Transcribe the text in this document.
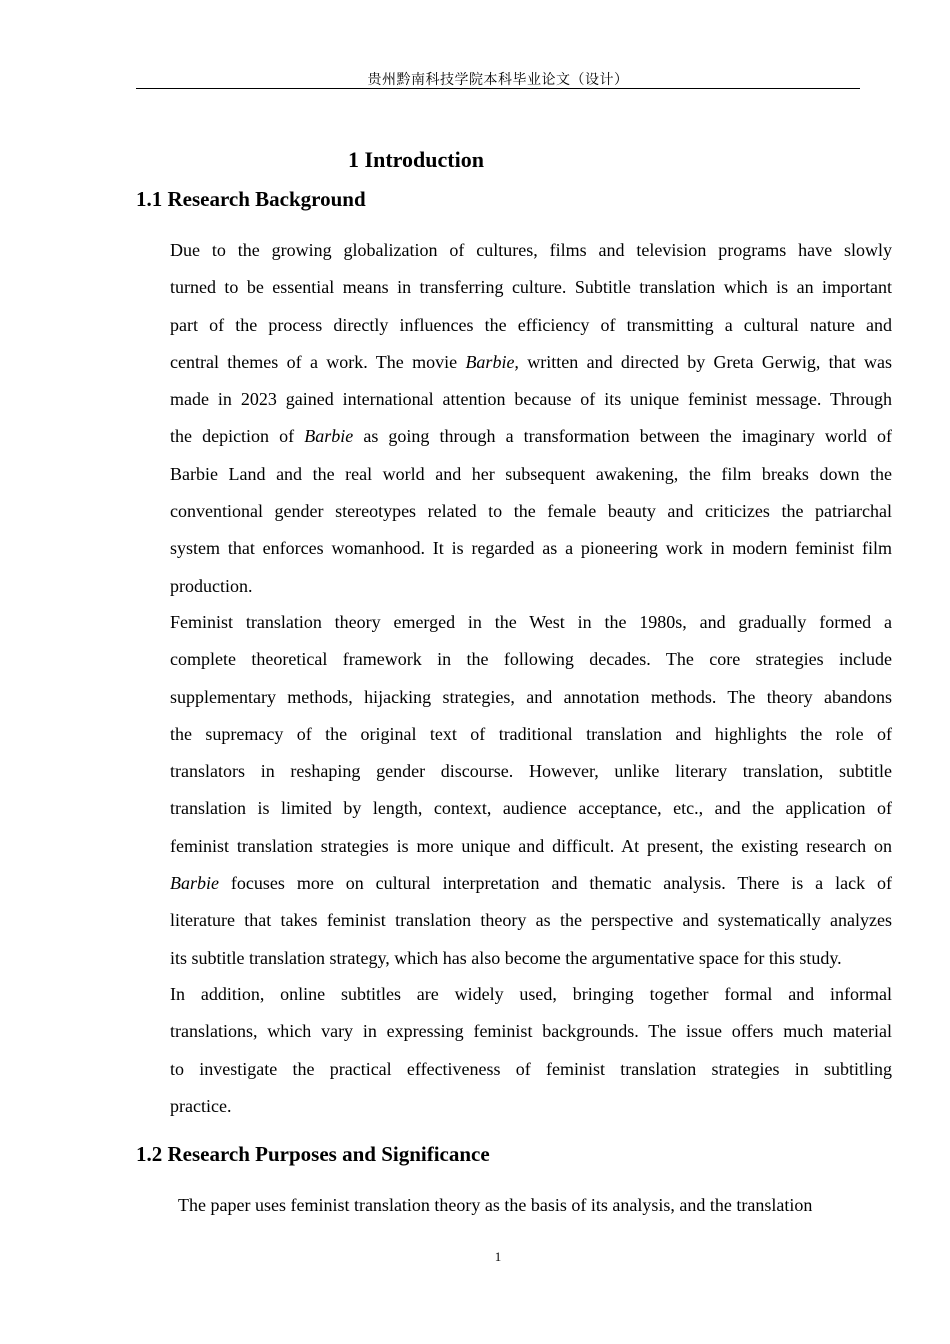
贵州黔南科技学院本科毕业论文（设计）
1 Introduction
1.1 Research Background
Due to the growing globalization of cultures, films and television programs have slowly
turned to be essential means in transferring culture. Subtitle translation which is an important
part of the process directly influences the efficiency of transmitting a cultural nature and
central themes of a work. The movie Barbie, written and directed by Greta Gerwig, that was
made in 2023 gained international attention because of its unique feminist message. Through
the depiction of Barbie as going through a transformation between the imaginary world of
Barbie Land and the real world and her subsequent awakening, the film breaks down the
conventional gender stereotypes related to the female beauty and criticizes the patriarchal
system that enforces womanhood. It is regarded as a pioneering work in modern feminist film
production.
Feminist translation theory emerged in the West in the 1980s, and gradually formed a
complete theoretical framework in the following decades. The core strategies include
supplementary methods, hijacking strategies, and annotation methods. The theory abandons
the supremacy of the original text of traditional translation and highlights the role of
translators in reshaping gender discourse. However, unlike literary translation, subtitle
translation is limited by length, context, audience acceptance, etc., and the application of
feminist translation strategies is more unique and difficult. At present, the existing research on
Barbie focuses more on cultural interpretation and thematic analysis. There is a lack of
literature that takes feminist translation theory as the perspective and systematically analyzes
its subtitle translation strategy, which has also become the argumentative space for this study.
In addition, online subtitles are widely used, bringing together formal and informal
translations, which vary in expressing feminist backgrounds. The issue offers much material
to investigate the practical effectiveness of feminist translation strategies in subtitling
practice.
1.2 Research Purposes and Significance
The paper uses feminist translation theory as the basis of its analysis, and the translation
1
